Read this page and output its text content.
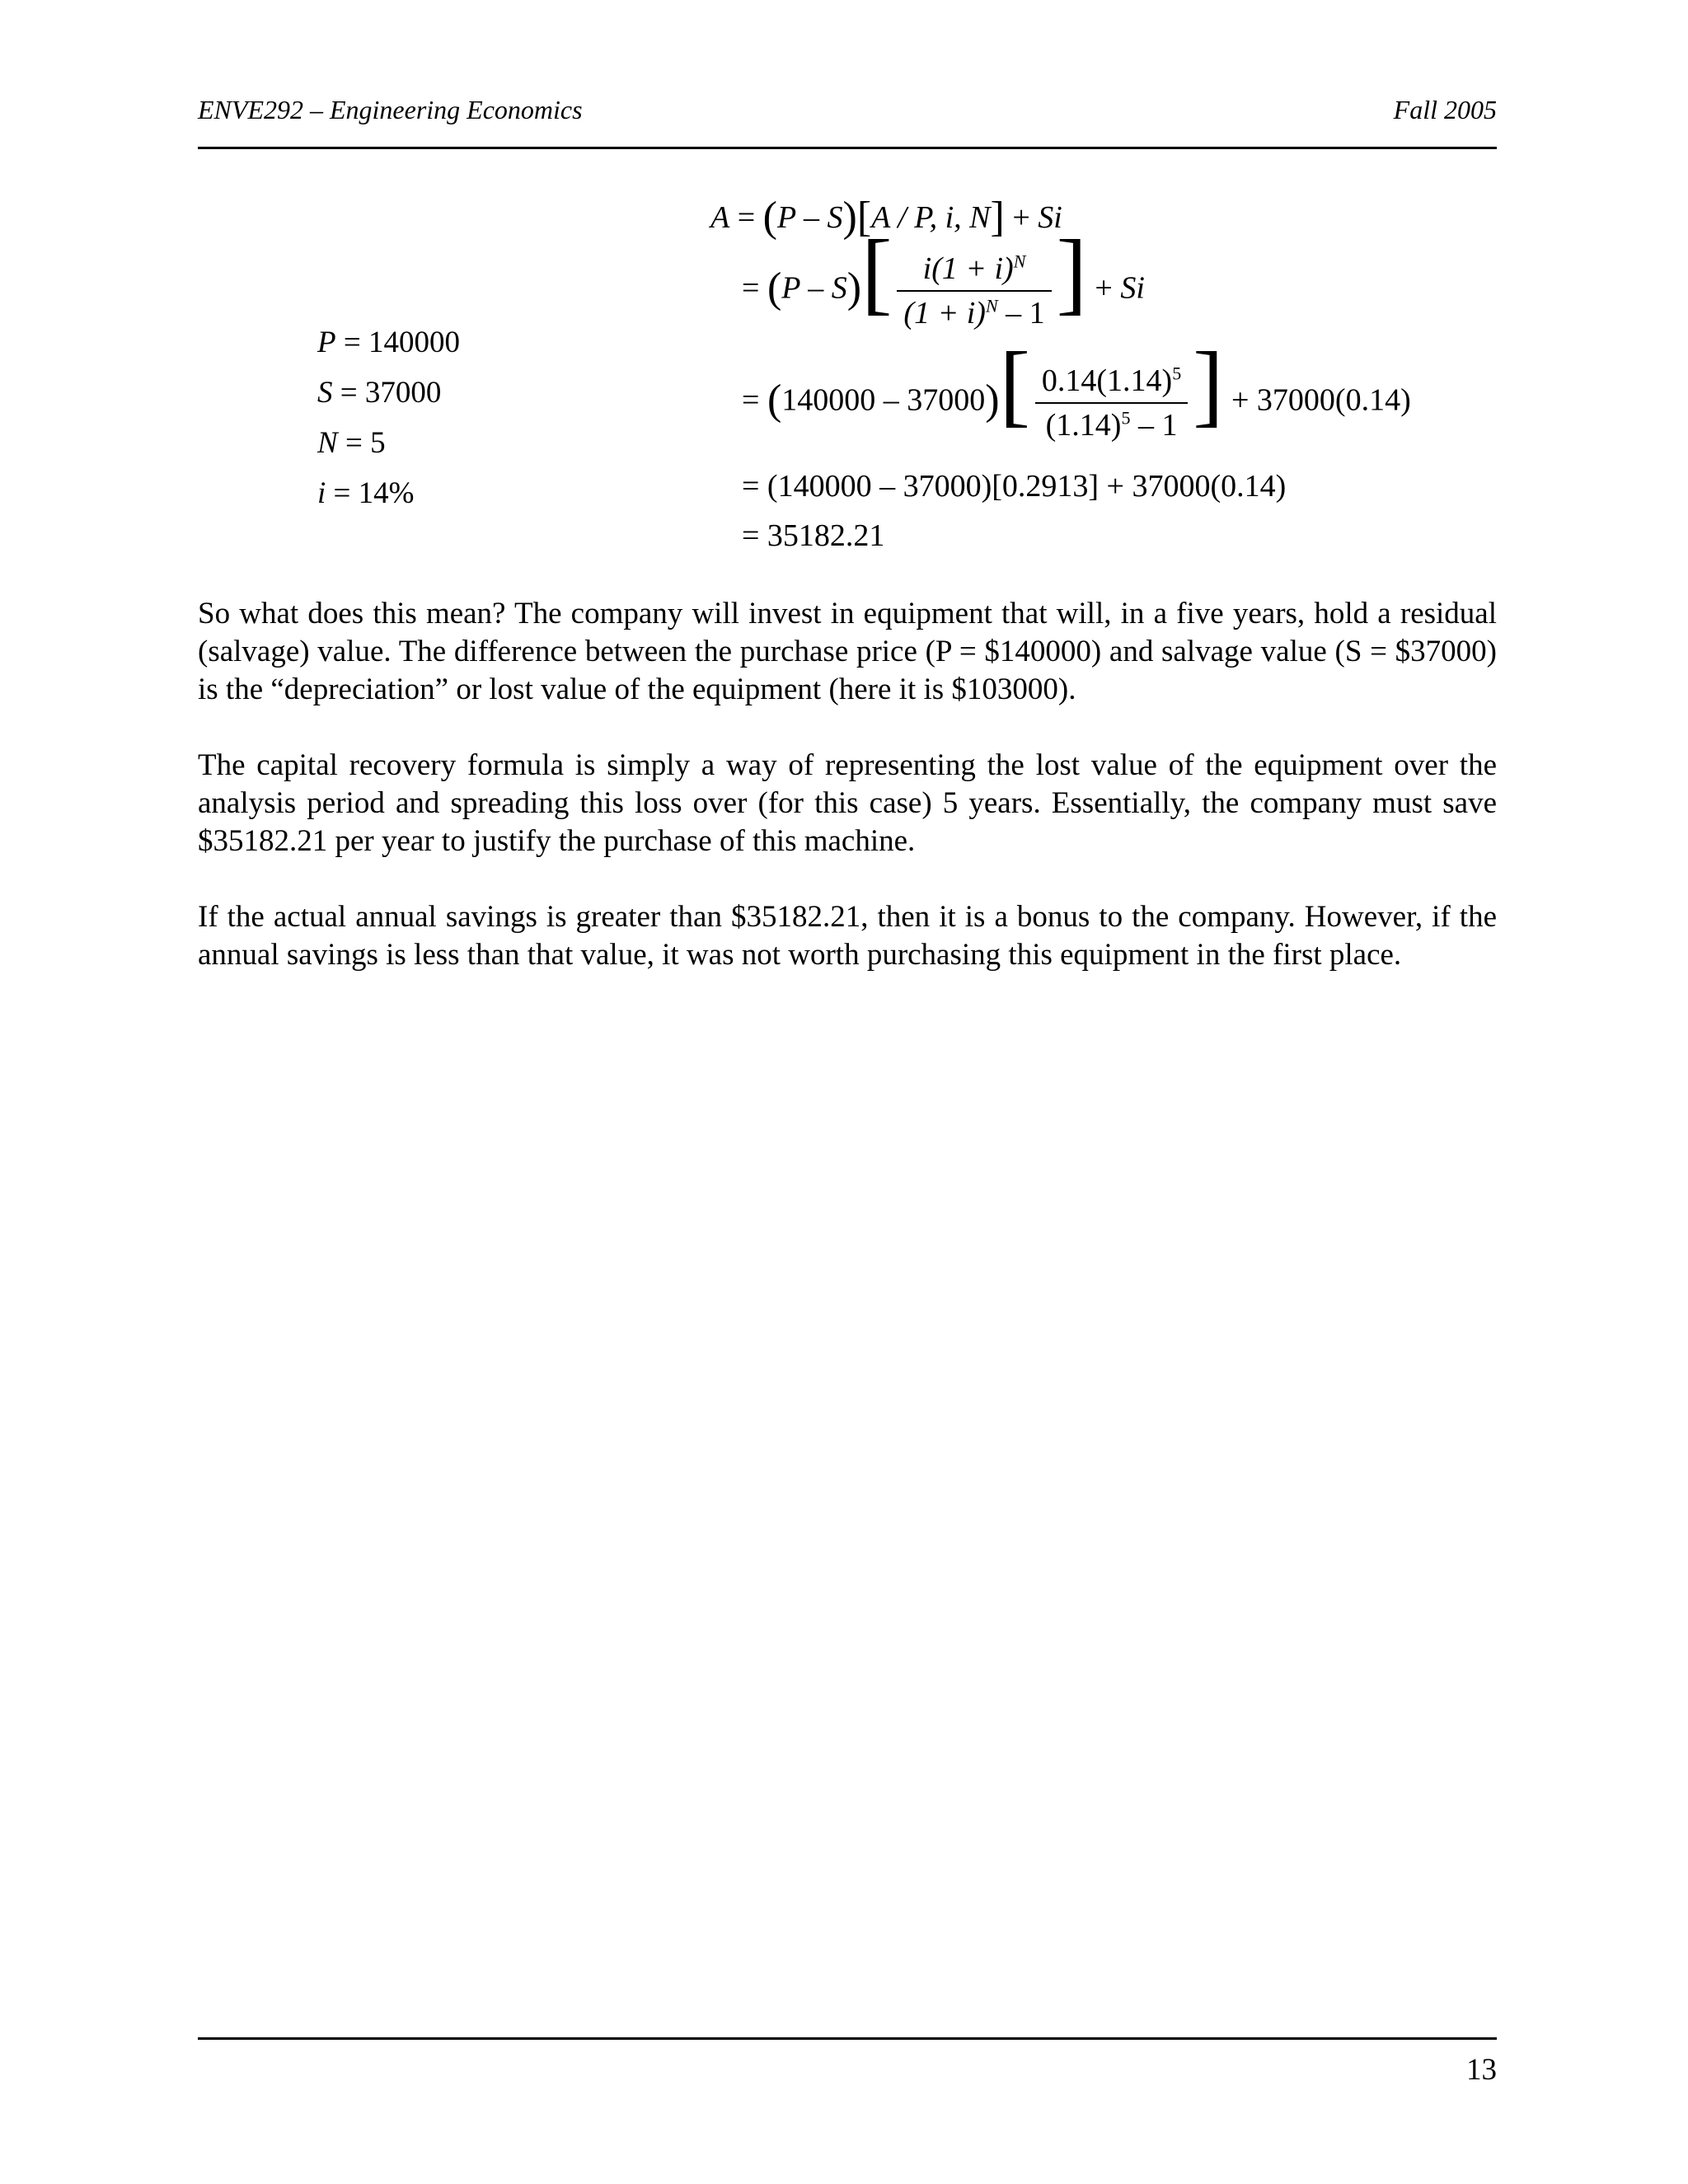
ENVE292 – Engineering Economics	Fall 2005
P = 140000
S = 37000
N = 5
i = 14%
A = (P – S)[A / P, i, N] + Si
= $(P - S)[ \frac{i(1 + i)^N}{(1 + i)^N - 1}$ ] + Si
= $(140000 - 37000)[ \frac{0.14(1.14)^5}{(1.14)^5 - 1}$ ] + 37000(0.14)
= (140000 – 37000)[0.2913] + 37000(0.14)
= 35182.21

So what does this mean? The company will invest in equipment that will, in a five years, hold a residual (salvage) value. The difference between the purchase price (P = $140000) and salvage value (S = $37000) is the “depreciation” or lost value of the equipment (here it is $103000).

The capital recovery formula is simply a way of representing the lost value of the equipment over the analysis period and spreading this loss over (for this case) 5 years. Essentially, the company must save $35182.21 per year to justify the purchase of this machine.

If the actual annual savings is greater than $35182.21, then it is a bonus to the company. However, if the annual savings is less than that value, it was not worth purchasing this equipment in the first place.

13
